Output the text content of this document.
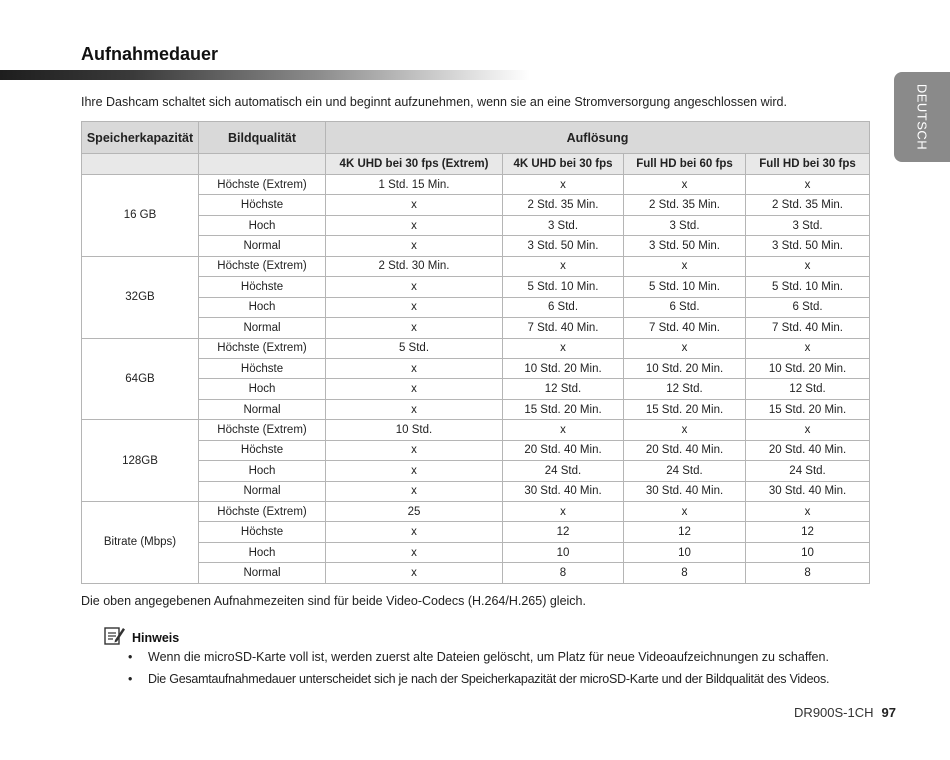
Aufnahmedauer
DEUTSCH
Ihre Dashcam schaltet sich automatisch ein und beginnt aufzunehmen, wenn sie an eine Stromversorgung angeschlossen wird.
Speicherkapazität	Bildqualität	Auflösung			
		4K UHD bei 30 fps (Extrem)	4K UHD bei 30 fps	Full HD bei 60 fps	Full HD bei 30 fps
16 GB	Höchste (Extrem)	1 Std. 15 Min.	x	x	x
	Höchste	x	2 Std. 35 Min.	2 Std. 35 Min.	2 Std. 35 Min.
	Hoch	x	3 Std.	3 Std.	3 Std.
	Normal	x	3 Std. 50 Min.	3 Std. 50 Min.	3 Std. 50 Min.
32GB	Höchste (Extrem)	2 Std. 30 Min.	x	x	x
	Höchste	x	5 Std. 10 Min.	5 Std. 10 Min.	5 Std. 10 Min.
	Hoch	x	6 Std.	6 Std.	6 Std.
	Normal	x	7 Std. 40 Min.	7 Std. 40 Min.	7 Std. 40 Min.
64GB	Höchste (Extrem)	5 Std.	x	x	x
	Höchste	x	10 Std. 20 Min.	10 Std. 20 Min.	10 Std. 20 Min.
	Hoch	x	12 Std.	12 Std.	12 Std.
	Normal	x	15 Std. 20 Min.	15 Std. 20 Min.	15 Std. 20 Min.
128GB	Höchste (Extrem)	10 Std.	x	x	x
	Höchste	x	20 Std. 40 Min.	20 Std. 40 Min.	20 Std. 40 Min.
	Hoch	x	24 Std.	24 Std.	24 Std.
	Normal	x	30 Std. 40 Min.	30 Std. 40 Min.	30 Std. 40 Min.
Bitrate (Mbps)	Höchste (Extrem)	25	x	x	x
	Höchste	x	12	12	12
	Hoch	x	10	10	10
	Normal	x	8	8	8
Die oben angegebenen Aufnahmezeiten sind für beide Video-Codecs (H.264/H.265) gleich.
Hinweis
• Wenn die microSD-Karte voll ist, werden zuerst alte Dateien gelöscht, um Platz für neue Videoaufzeichnungen zu schaffen.
• Die Gesamtaufnahmedauer unterscheidet sich je nach der Speicherkapazität der microSD-Karte und der Bildqualität des Videos.
DR900S-1CH 97
